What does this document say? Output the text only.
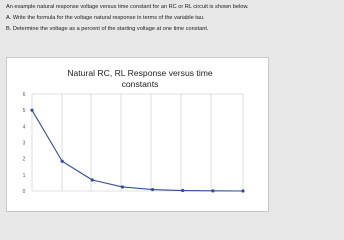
An example natural response voltage versus time constant for an RC or RL circuit is shown below.

A. Write the formula for the voltage natural response in terms of the variable tau.

B. Determine the voltage as a percent of the starting voltage at one time constant.

Natural RC, RL Response versus time
constants
0
1
2
3
4
5
6
